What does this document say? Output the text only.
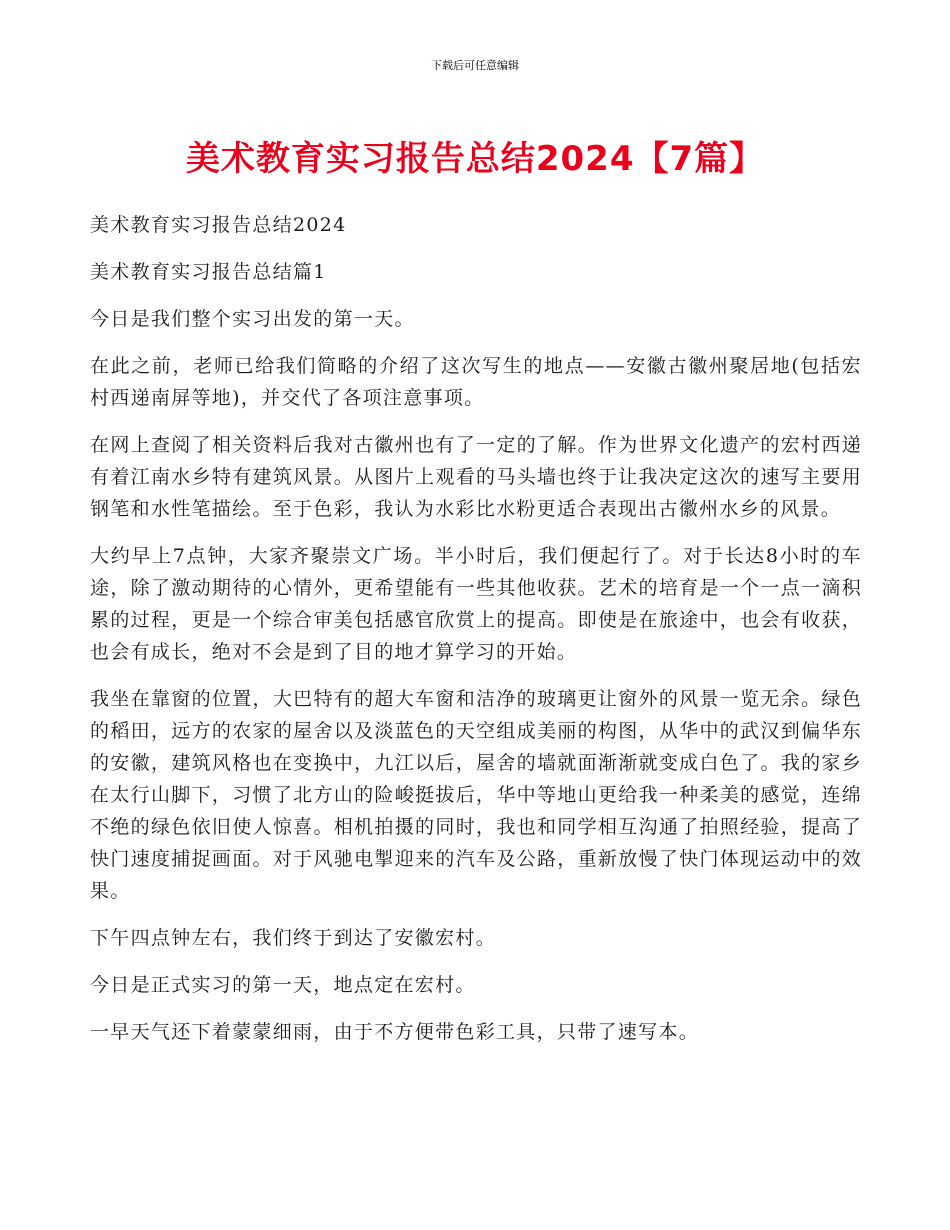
下载后可任意编辑
美术教育实习报告总结2024【7篇】

美术教育实习报告总结2024

美术教育实习报告总结篇1

今日是我们整个实习出发的第一天。

在此之前，老师已给我们简略的介绍了这次写生的地点——安徽古徽州聚居地(包括宏村西递南屏等地)，并交代了各项注意事项。

在网上查阅了相关资料后我对古徽州也有了一定的了解。作为世界文化遗产的宏村西递有着江南水乡特有建筑风景。从图片上观看的马头墙也终于让我决定这次的速写主要用钢笔和水性笔描绘。至于色彩，我认为水彩比水粉更适合表现出古徽州水乡的风景。

大约早上7点钟，大家齐聚崇文广场。半小时后，我们便起行了。对于长达8小时的车途，除了激动期待的心情外，更希望能有一些其他收获。艺术的培育是一个一点一滴积累的过程，更是一个综合审美包括感官欣赏上的提高。即使是在旅途中，也会有收获，也会有成长，绝对不会是到了目的地才算学习的开始。

我坐在靠窗的位置，大巴特有的超大车窗和洁净的玻璃更让窗外的风景一览无余。绿色的稻田，远方的农家的屋舍以及淡蓝色的天空组成美丽的构图，从华中的武汉到偏华东的安徽，建筑风格也在变换中，九江以后，屋舍的墙就面渐渐就变成白色了。我的家乡在太行山脚下，习惯了北方山的险峻挺拔后，华中等地山更给我一种柔美的感觉，连绵不绝的绿色依旧使人惊喜。相机拍摄的同时，我也和同学相互沟通了拍照经验，提高了快门速度捕捉画面。对于风驰电掣迎来的汽车及公路，重新放慢了快门体现运动中的效果。

下午四点钟左右，我们终于到达了安徽宏村。

今日是正式实习的第一天，地点定在宏村。

一早天气还下着蒙蒙细雨，由于不方便带色彩工具，只带了速写本。
